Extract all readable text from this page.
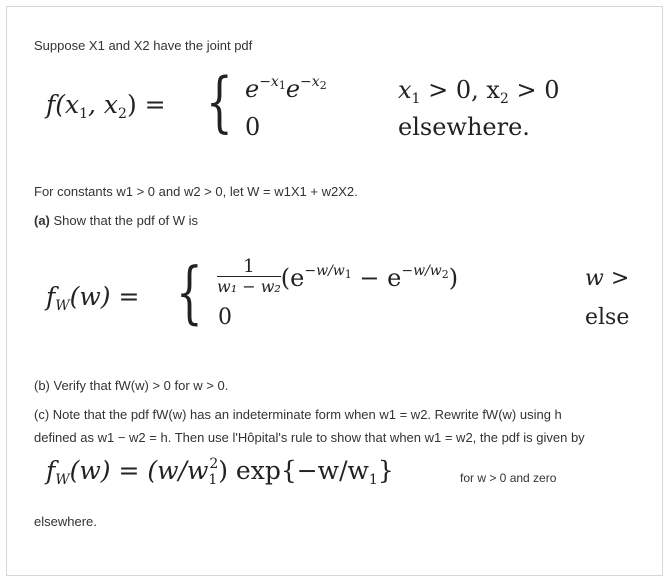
Suppose X1 and X2 have the joint pdf
$f(x_1$, $x_2$) = { $e^{-x1}e^{-x2}$	$x_1 > 0$, $x_2 > 0$
0	elsewhere.
For constants w1 > 0 and w2 > 0, let W = w1X1 + w2X2.
(a) Show that the pdf of W is
$f_W(w)$ = { $\frac{1}{\text{w₁ − w₂}} (e^{-w/w1} - e^{-w/w2})$	w >
0	else
(b) Verify that fW(w) > 0 for w > 0.
(c) Note that the pdf fW(w) has an indeterminate form when w1 = w2. Rewrite fW(w) using h
defined as w1 − w2 = h. Then use l'Hôpital's rule to show that when w1 = w2, the pdf is given by
$f_W(w) = (w/w_1^2)$ $\exp\{-w/w_1\}$	for w > 0 and zero
elsewhere.
